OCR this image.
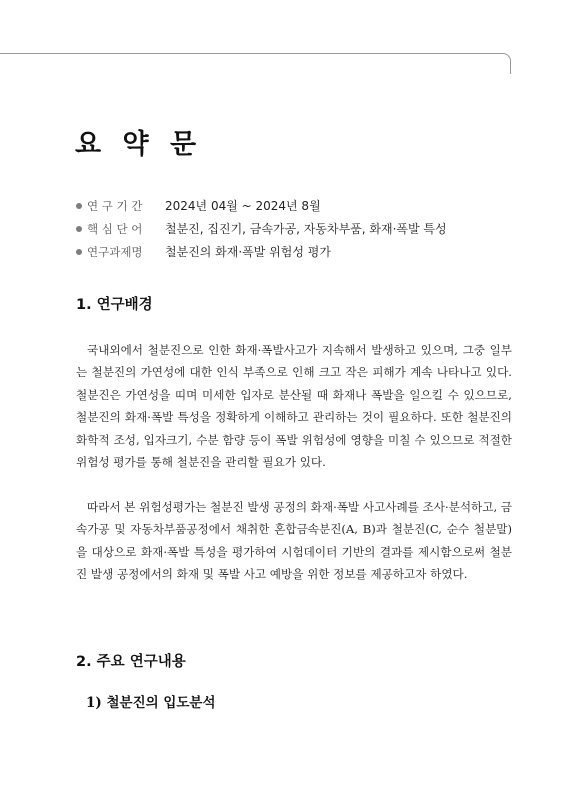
요 약 문
연 구 기 간	2024년 04월 ~ 2024년 8월
핵 심 단 어	철분진, 집진기, 금속가공, 자동차부품, 화재·폭발 특성
연구과제명	철분진의 화재·폭발 위험성 평가
1. 연구배경

국내외에서 철분진으로 인한 화재·폭발사고가 지속해서 발생하고 있으며, 그중 일부는 철분진의 가연성에 대한 인식 부족으로 인해 크고 작은 피해가 계속 나타나고 있다. 철분진은 가연성을 띠며 미세한 입자로 분산될 때 화재나 폭발을 일으킬 수 있으므로, 철분진의 화재·폭발 특성을 정확하게 이해하고 관리하는 것이 필요하다. 또한 철분진의 화학적 조성, 입자크기, 수분 함량 등이 폭발 위험성에 영향을 미칠 수 있으므로 적절한 위험성 평가를 통해 철분진을 관리할 필요가 있다.

따라서 본 위험성평가는 철분진 발생 공정의 화재·폭발 사고사례를 조사·분석하고, 금속가공 및 자동차부품공정에서 채취한 혼합금속분진(A, B)과 철분진(C, 순수 철분말)을 대상으로 화재·폭발 특성을 평가하여 시험데이터 기반의 결과를 제시함으로써 철분진 발생 공정에서의 화재 및 폭발 사고 예방을 위한 정보를 제공하고자 하였다.

2. 주요 연구내용
1) 철분진의 입도분석
